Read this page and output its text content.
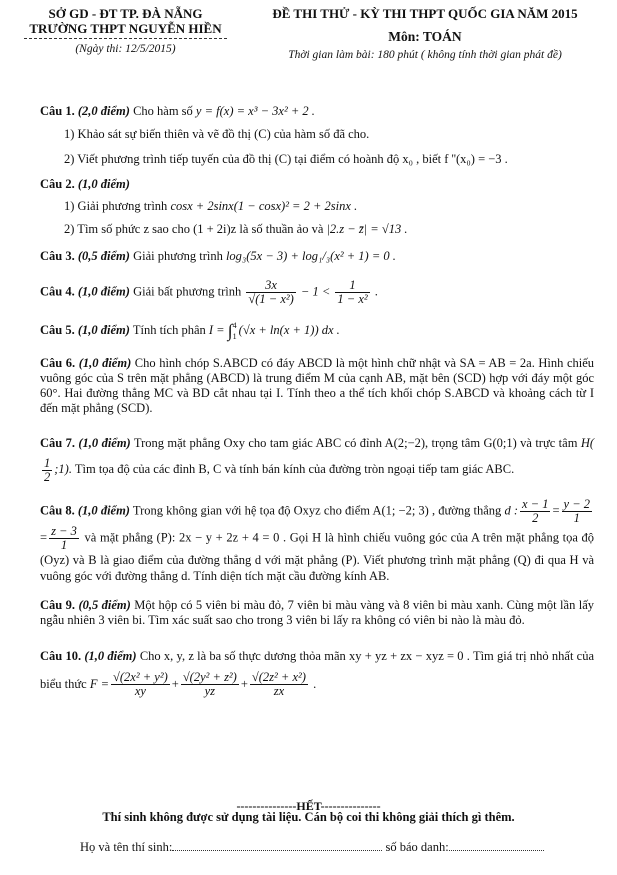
SỞ GD - ĐT TP. ĐÀ NẴNG
TRƯỜNG THPT NGUYỄN HIỀN
(Ngày thi: 12/5/2015)
ĐỀ THI THỬ - KỲ THI THPT QUỐC GIA NĂM 2015
Môn: TOÁN
Thời gian làm bài: 180 phút ( không tính thời gian phát đề)
Câu 1. (2,0 điểm) Cho hàm số y = f(x) = x³ − 3x² + 2 .
1) Khảo sát sự biến thiên và vẽ đồ thị (C) của hàm số đã cho.
2) Viết phương trình tiếp tuyến của đồ thị (C) tại điểm có hoành độ x₀ , biết f ''(x₀) = −3 .
Câu 2. (1,0 điểm)
1) Giải phương trình cosx + 2sinx(1 − cosx)² = 2 + 2sinx .
2) Tìm số phức z sao cho (1 + 2i)z là số thuần ảo và |2.z − z̄| = √13 .
Câu 3. (0,5 điểm) Giải phương trình log₃(5x − 3) + log₁/₃(x² + 1) = 0 .
Câu 4. (1,0 điểm) Giải bất phương trình $\frac{3x}{\text{√(1 − x²)}} - 1 < \frac{1}{\text{1 − x²}}$ .
Câu 5. (1,0 điểm) Tính tích phân I = ∫ 4
1 (√x + ln(x + 1)) dx .
Câu 6. (1,0 điểm) Cho hình chóp S.ABCD có đáy ABCD là một hình chữ nhật và SA = AB = 2a. Hình chiếu vuông góc của S trên mặt phẳng (ABCD) là trung điểm M của cạnh AB, mặt bên (SCD) hợp với đáy một góc 60°. Hai đường thẳng MC và BD cắt nhau tại I. Tính theo a thể tích khối chóp S.ABCD và khoảng cách từ I đến mặt phẳng (SCD).
Câu 7. (1,0 điểm) Trong mặt phẳng Oxy cho tam giác ABC có đỉnh A(2;−2), trọng tâm G(0;1) và trực tâm H(
$\frac{1}{2}$ ;1). Tìm tọa độ của các đỉnh B, C và tính bán kính của đường tròn ngoại tiếp tam giác ABC.
Câu 8. (1,0 điểm) Trong không gian với hệ tọa độ Oxyz cho điểm A(1; −2; 3) , đường thẳng d : $\frac{x - 1}{2} = \frac{y - 2}{1}$
= $\frac{z - 3}{1}$ và mặt phẳng (P): 2x − y + 2z + 4 = 0 . Gọi H là hình chiếu vuông góc của A trên mặt phẳng tọa độ (Oyz) và B là giao điểm của đường thẳng d với mặt phẳng (P). Viết phương trình mặt phẳng (Q) đi qua H và vuông góc với đường thẳng d. Tính diện tích mặt cầu đường kính AB.
Câu 9. (0,5 điểm) Một hộp có 5 viên bi màu đỏ, 7 viên bi màu vàng và 8 viên bi màu xanh. Cùng một lần lấy ngẫu nhiên 3 viên bi. Tìm xác suất sao cho trong 3 viên bi lấy ra không có viên bi nào là màu đỏ.
Câu 10. (1,0 điểm) Cho x, y, z là ba số thực dương thỏa mãn xy + yz + zx − xyz = 0 . Tìm giá trị nhỏ nhất của biểu thức $F = \frac{\text{√(2x² + y²)}}{xy} + \frac{\text{√(2y² + z²)}}{yz} + \frac{\text{√(2z² + x²)}}{zx}$ .
---------------HẾT---------------
Thí sinh không được sử dụng tài liệu. Cán bộ coi thi không giải thích gì thêm.
Họ và tên thí sinh:	số báo danh:
